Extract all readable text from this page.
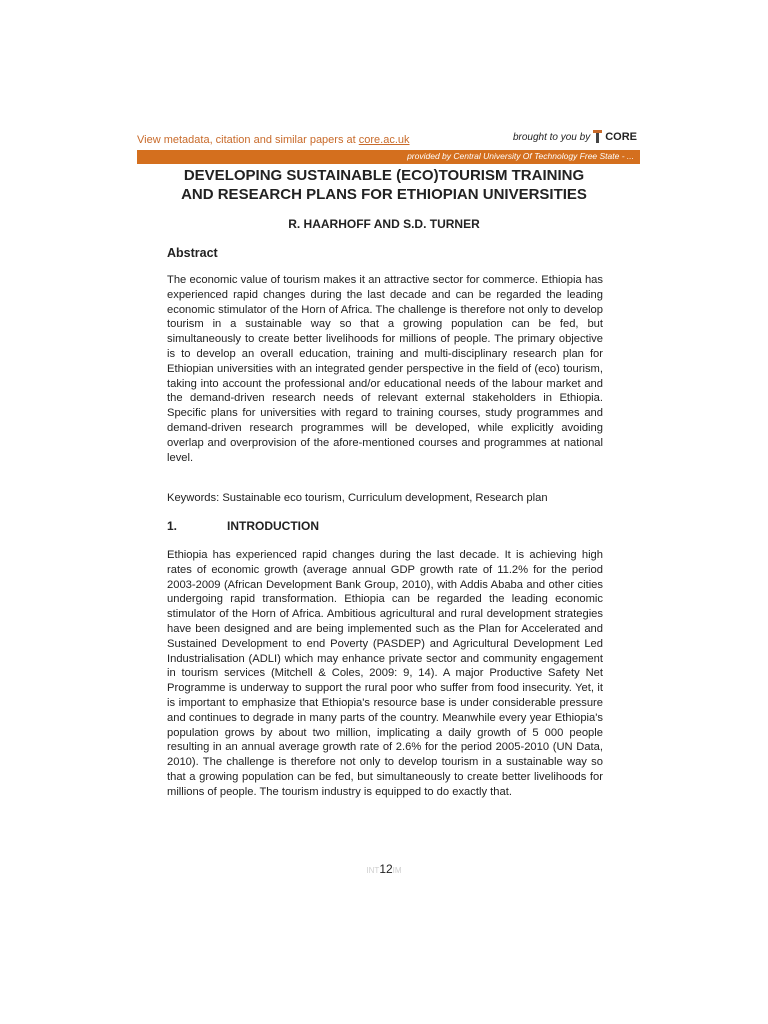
View metadata, citation and similar papers at core.ac.uk	brought to you by CORE
provided by Central University Of Technology Free State - ...
DEVELOPING SUSTAINABLE (ECO)TOURISM TRAINING
AND RESEARCH PLANS FOR ETHIOPIAN UNIVERSITIES
R. HAARHOFF AND S.D. TURNER
Abstract
The economic value of tourism makes it an attractive sector for commerce. Ethiopia has experienced rapid changes during the last decade and can be regarded the leading economic stimulator of the Horn of Africa. The challenge is therefore not only to develop tourism in a sustainable way so that a growing population can be fed, but simultaneously to create better livelihoods for millions of people. The primary objective is to develop an overall education, training and multi-disciplinary research plan for Ethiopian universities with an integrated gender perspective in the field of (eco) tourism, taking into account the professional and/or educational needs of the labour market and the demand-driven research needs of relevant external stakeholders in Ethiopia. Specific plans for universities with regard to training courses, study programmes and demand-driven research programmes will be developed, while explicitly avoiding overlap and overprovision of the afore-mentioned courses and programmes at national level.
Keywords: Sustainable eco tourism, Curriculum development, Research plan
1.	INTRODUCTION
Ethiopia has experienced rapid changes during the last decade. It is achieving high rates of economic growth (average annual GDP growth rate of 11.2% for the period 2003-2009 (African Development Bank Group, 2010), with Addis Ababa and other cities undergoing rapid transformation. Ethiopia can be regarded the leading economic stimulator of the Horn of Africa. Ambitious agricultural and rural development strategies have been designed and are being implemented such as the Plan for Accelerated and Sustained Development to end Poverty (PASDEP) and Agricultural Development Led Industrialisation (ADLI) which may enhance private sector and community engagement in tourism services (Mitchell & Coles, 2009: 9, 14). A major Productive Safety Net Programme is underway to support the rural poor who suffer from food insecurity. Yet, it is important to emphasize that Ethiopia's resource base is under considerable pressure and continues to degrade in many parts of the country. Meanwhile every year Ethiopia's population grows by about two million, implicating a daily growth of 5 000 people resulting in an annual average growth rate of 2.6% for the period 2005-2010 (UN Data, 2010). The challenge is therefore not only to develop tourism in a sustainable way so that a growing population can be fed, but simultaneously to create better livelihoods for millions of people. The tourism industry is equipped to do exactly that.
INT12IM
